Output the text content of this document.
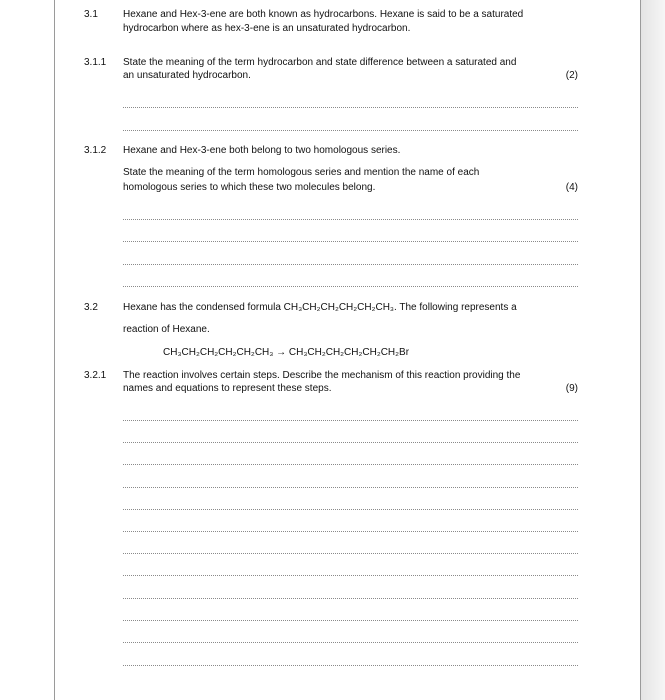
3.1	Hexane and Hex-3-ene are both known as hydrocarbons. Hexane is said to be a saturated
hydrocarbon where as hex-3-ene is an unsaturated hydrocarbon.
3.1.1 State the meaning of the term hydrocarbon and state difference between a saturated and
an unsaturated hydrocarbon.	(2)
3.1.2 Hexane and Hex-3-ene both belong to two homologous series.
State the meaning of the term homologous series and mention the name of each
homologous series to which these two molecules belong.	(4)
3.2	Hexane has the condensed formula CH₃CH₂CH₂CH₂CH₂CH₃. The following represents a
reaction of Hexane.
CH₃CH₂CH₂CH₂CH₂CH₃ → CH₃CH₂CH₂CH₂CH₂CH₂Br
3.2.1 The reaction involves certain steps. Describe the mechanism of this reaction providing the
names and equations to represent these steps.	(9)
